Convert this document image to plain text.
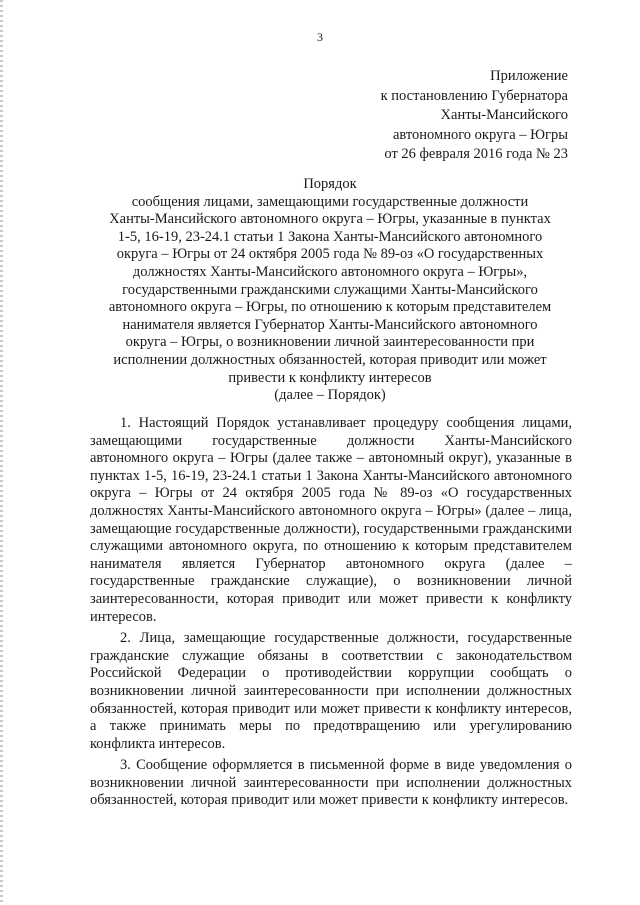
3
Приложение
к постановлению Губернатора
Ханты-Мансийского
автономного округа – Югры
от 26 февраля 2016 года № 23
Порядок
сообщения лицами, замещающими государственные должности
Ханты-Мансийского автономного округа – Югры, указанные в пунктах
1-5, 16-19, 23-24.1 статьи 1 Закона Ханты-Мансийского автономного
округа – Югры от 24 октября 2005 года № 89-оз «О государственных
должностях Ханты-Мансийского автономного округа – Югры»,
государственными гражданскими служащими Ханты-Мансийского
автономного округа – Югры, по отношению к которым представителем
нанимателя является Губернатор Ханты-Мансийского автономного
округа – Югры, о возникновении личной заинтересованности при
исполнении должностных обязанностей, которая приводит или может
привести к конфликту интересов
(далее – Порядок)

1. Настоящий Порядок устанавливает процедуру сообщения лицами, замещающими государственные должности Ханты-Мансийского автономного округа – Югры (далее также – автономный округ), указанные в пунктах 1-5, 16-19, 23-24.1 статьи 1 Закона Ханты-Мансийского автономного округа – Югры от 24 октября 2005 года № 89-оз «О государственных должностях Ханты-Мансийского автономного округа – Югры» (далее – лица, замещающие государственные должности), государственными гражданскими служащими автономного округа, по отношению к которым представителем нанимателя является Губернатор автономного округа (далее – государственные гражданские служащие), о возникновении личной заинтересованности, которая приводит или может привести к конфликту интересов.

2. Лица, замещающие государственные должности, государственные гражданские служащие обязаны в соответствии с законодательством Российской Федерации о противодействии коррупции сообщать о возникновении личной заинтересованности при исполнении должностных обязанностей, которая приводит или может привести к конфликту интересов, а также принимать меры по предотвращению или урегулированию конфликта интересов.

3. Сообщение оформляется в письменной форме в виде уведомления о возникновении личной заинтересованности при исполнении должностных обязанностей, которая приводит или может привести к конфликту интересов.
